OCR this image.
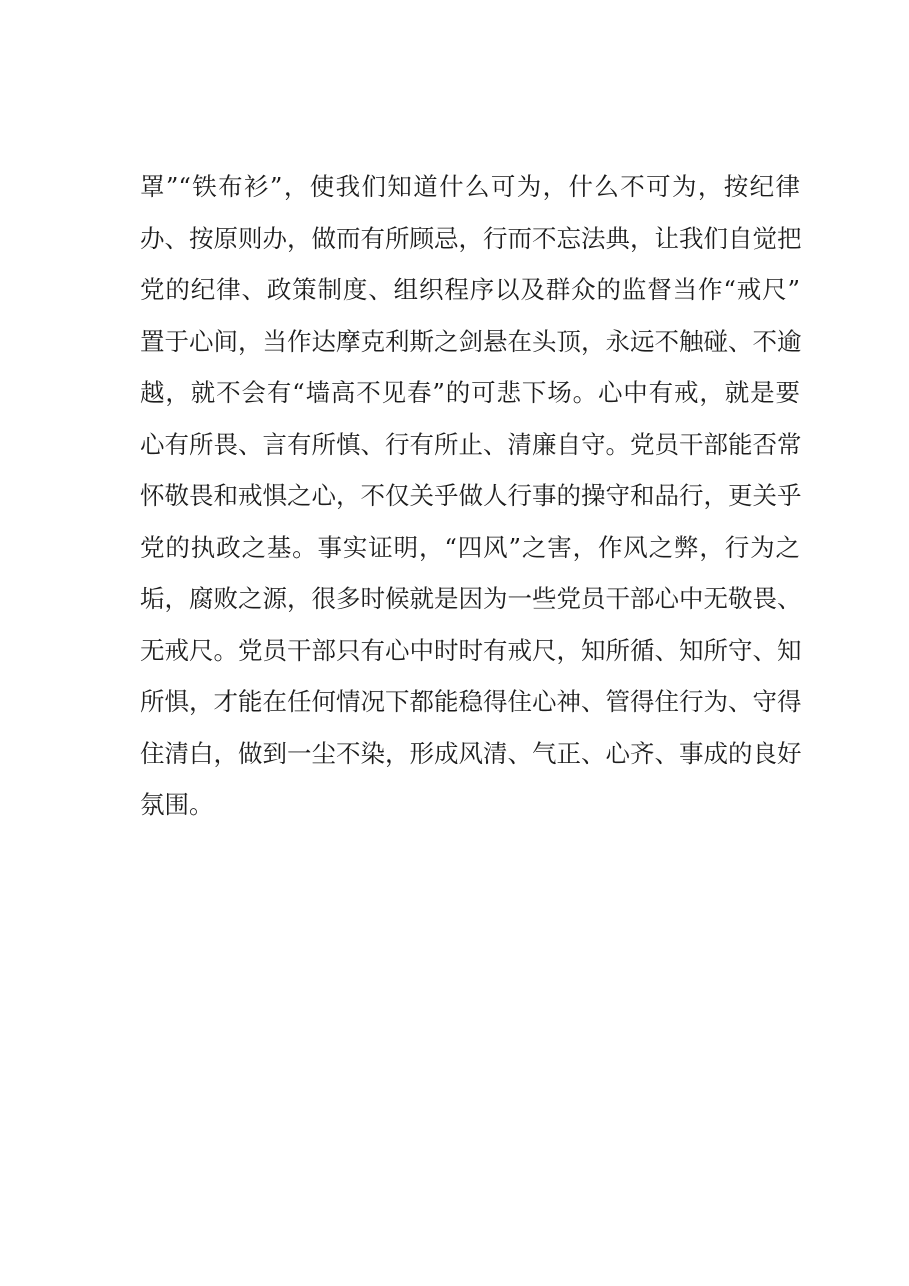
罩”“铁布衫”，使我们知道什么可为，什么不可为，按纪律
办、按原则办，做而有所顾忌，行而不忘法典，让我们自觉把
党的纪律、政策制度、组织程序以及群众的监督当作“戒尺”
置于心间，当作达摩克利斯之剑悬在头顶，永远不触碰、不逾
越，就不会有“墙高不见春”的可悲下场。心中有戒，就是要
心有所畏、言有所慎、行有所止、清廉自守。党员干部能否常
怀敬畏和戒惧之心，不仅关乎做人行事的操守和品行，更关乎
党的执政之基。事实证明，“四风”之害，作风之弊，行为之
垢，腐败之源，很多时候就是因为一些党员干部心中无敬畏、
无戒尺。党员干部只有心中时时有戒尺，知所循、知所守、知
所惧，才能在任何情况下都能稳得住心神、管得住行为、守得
住清白，做到一尘不染，形成风清、气正、心齐、事成的良好
氛围。
